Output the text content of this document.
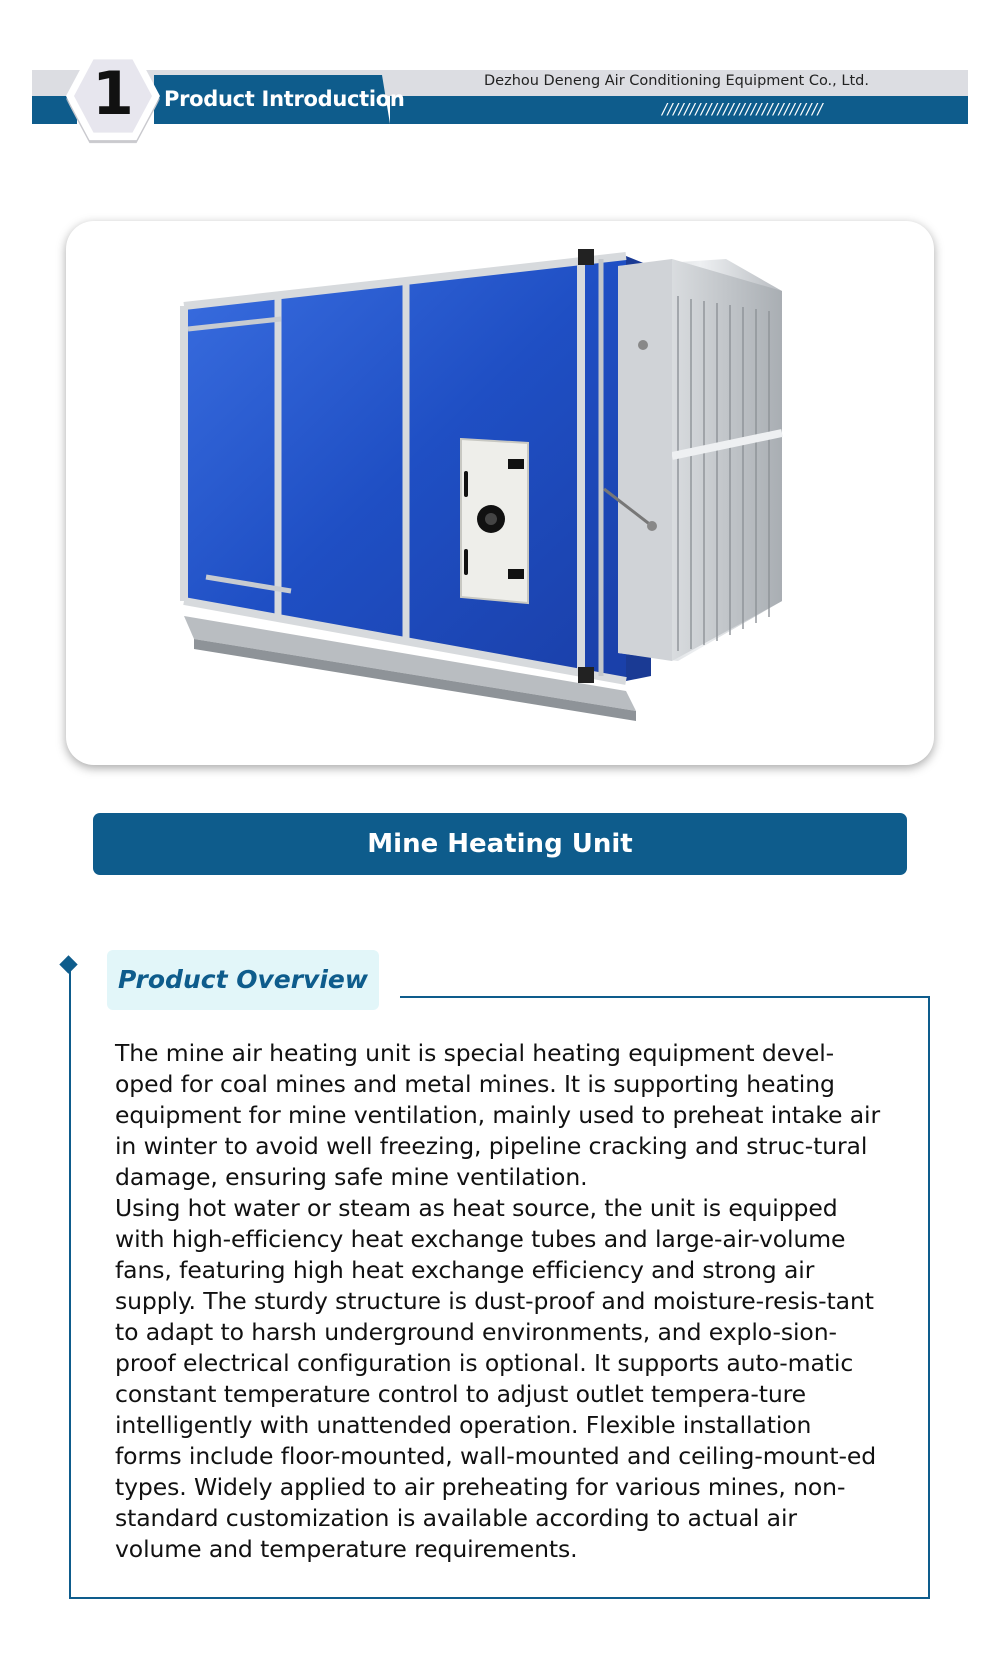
Product Introduction
Dezhou Deneng Air Conditioning Equipment Co., Ltd.
/////////////////////////////
1
Mine Heating Unit
Product Overview

The mine air heating unit is special heating equipment devel-oped for coal mines and metal mines. It is supporting heating equipment for mine ventilation, mainly used to preheat intake air in winter to avoid well freezing, pipeline cracking and struc-tural damage, ensuring safe mine ventilation.

Using hot water or steam as heat source, the unit is equipped with high-efficiency heat exchange tubes and large-air-volume fans, featuring high heat exchange efficiency and strong air supply. The sturdy structure is dust-proof and moisture-resis-tant to adapt to harsh underground environments, and explo-sion-proof electrical configuration is optional. It supports auto-matic constant temperature control to adjust outlet tempera-ture intelligently with unattended operation. Flexible installation forms include floor-mounted, wall-mounted and ceiling-mount-ed types. Widely applied to air preheating for various mines, non-standard customization is available according to actual air volume and temperature requirements.
